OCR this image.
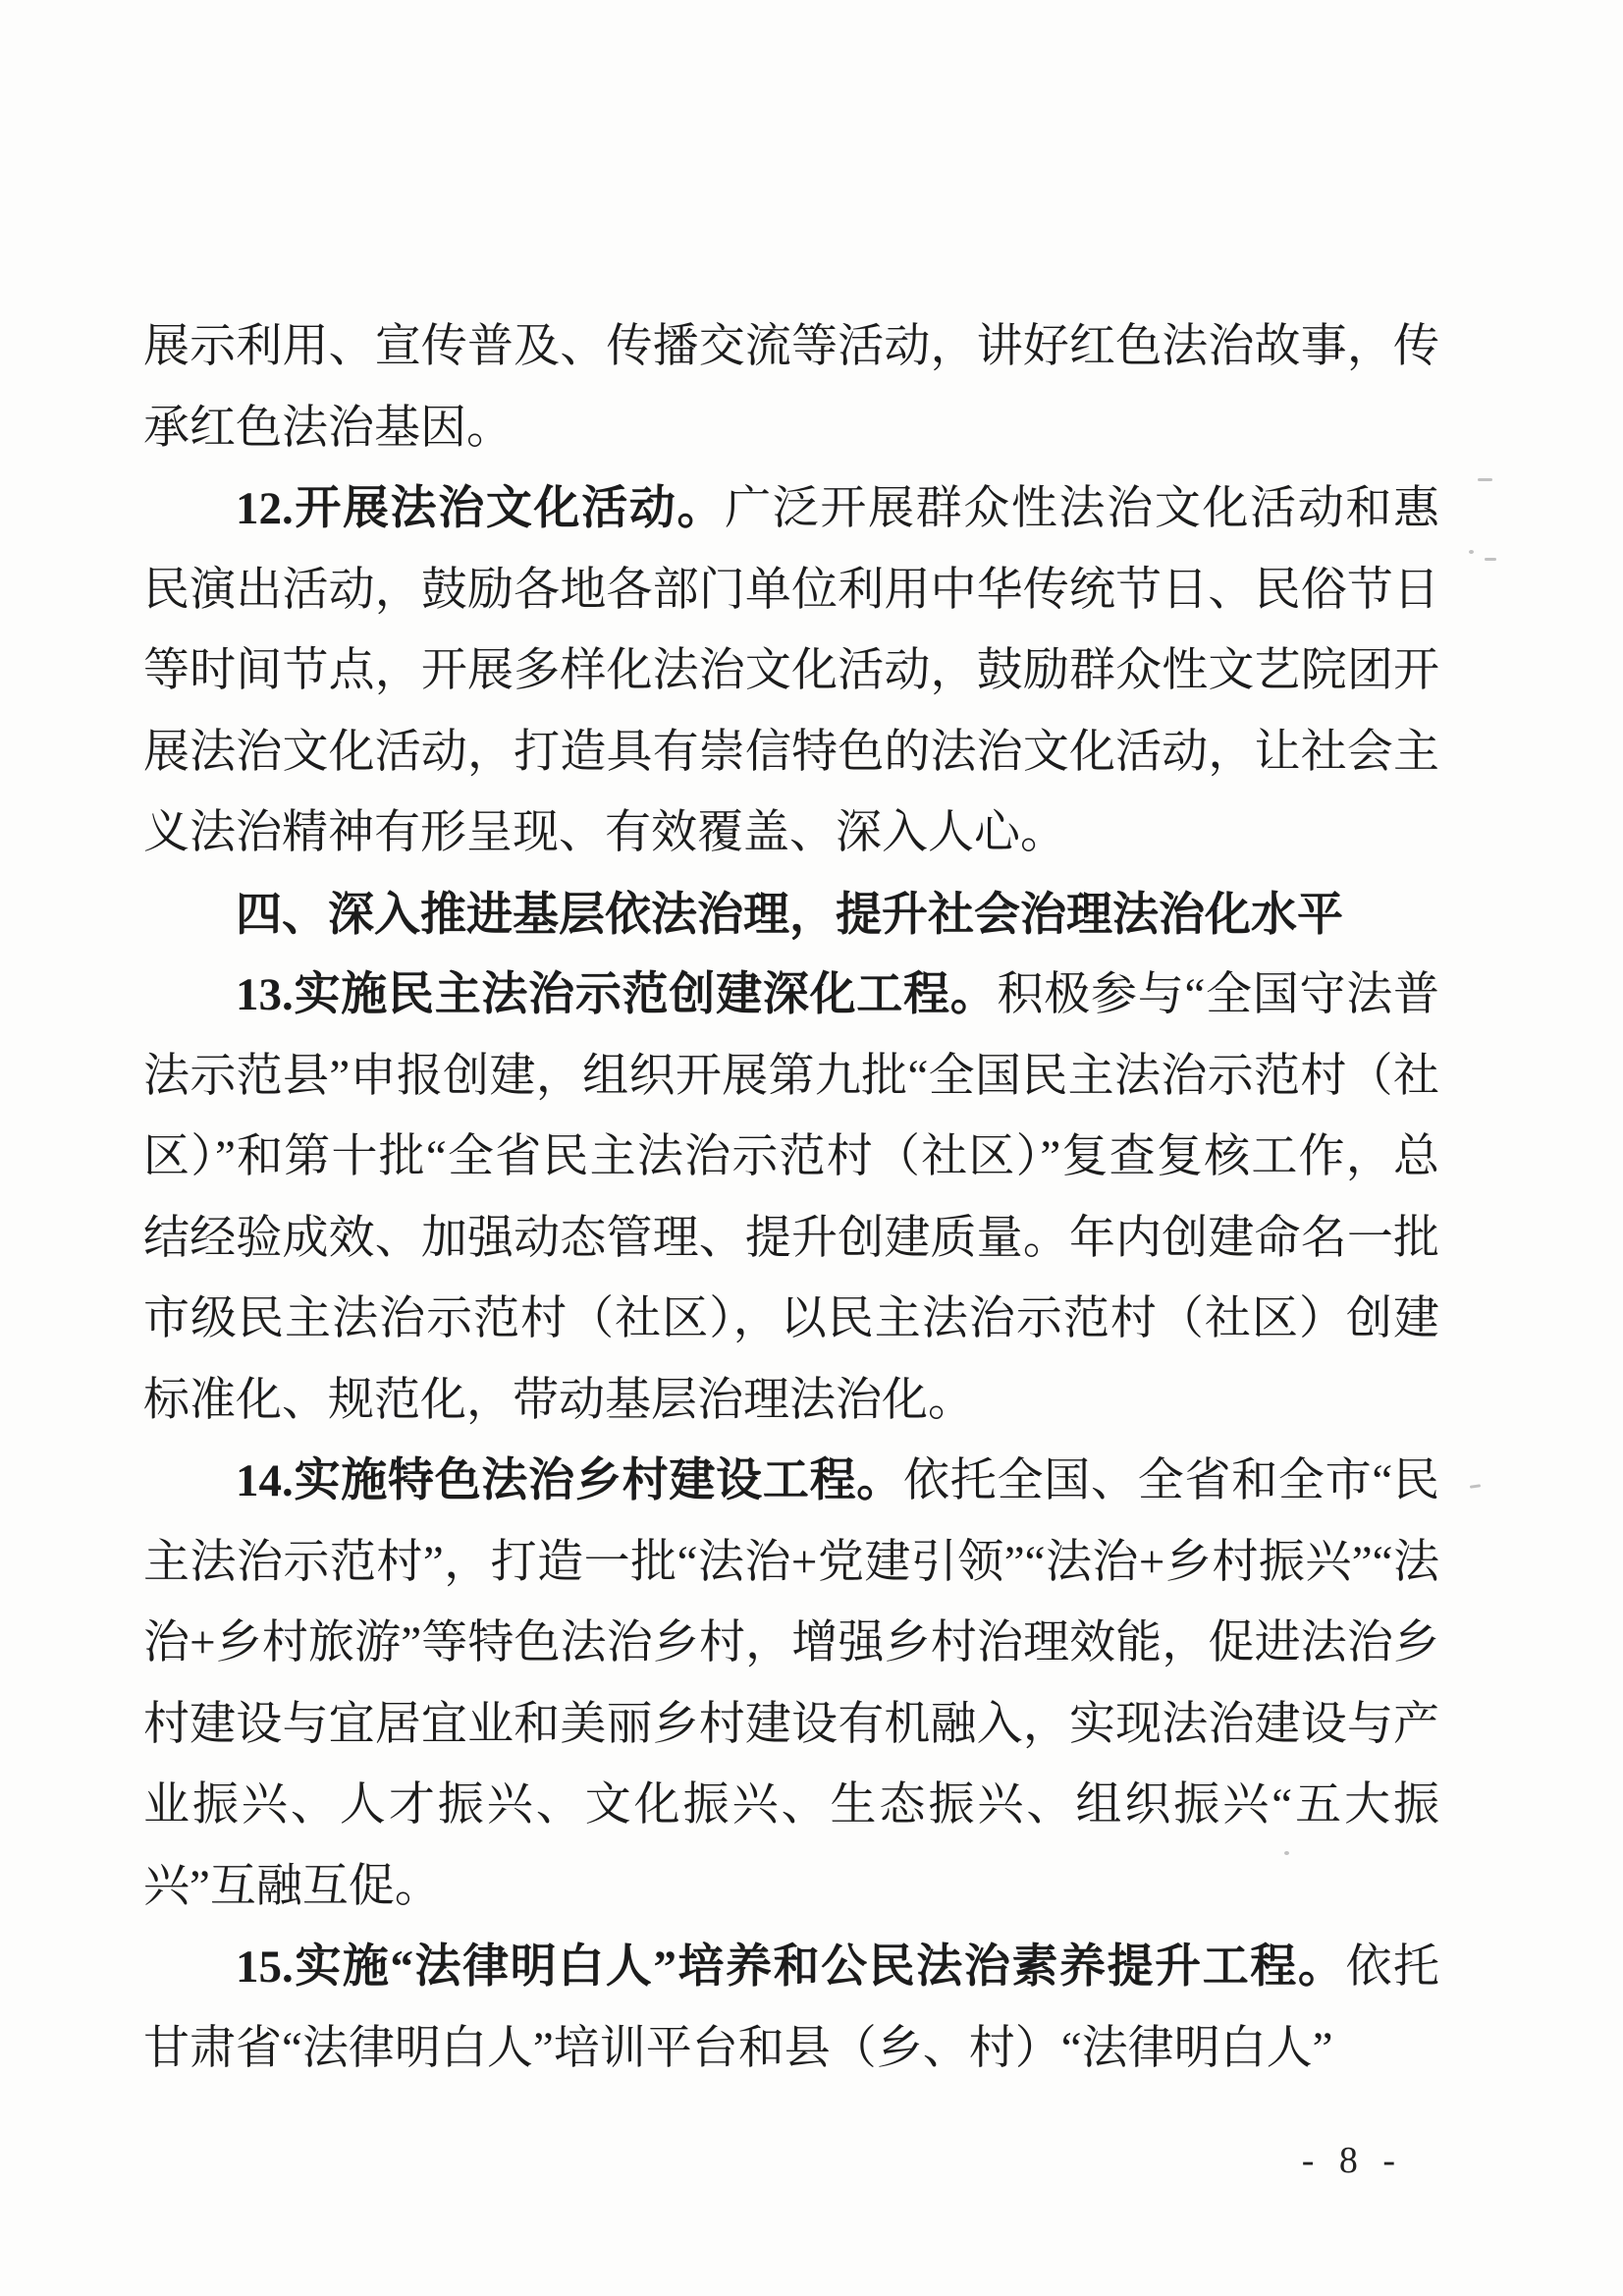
展示利用、宣传普及、传播交流等活动，讲好红色法治故事，传承红色法治基因。

12.开展法治文化活动。广泛开展群众性法治文化活动和惠民演出活动，鼓励各地各部门单位利用中华传统节日、民俗节日等时间节点，开展多样化法治文化活动，鼓励群众性文艺院团开展法治文化活动，打造具有崇信特色的法治文化活动，让社会主义法治精神有形呈现、有效覆盖、深入人心。

四、深入推进基层依法治理，提升社会治理法治化水平

13.实施民主法治示范创建深化工程。积极参与“全国守法普法示范县”申报创建，组织开展第九批“全国民主法治示范村（社区）”和第十批“全省民主法治示范村（社区）”复查复核工作，总结经验成效、加强动态管理、提升创建质量。年内创建命名一批市级民主法治示范村（社区），以民主法治示范村（社区）创建标准化、规范化，带动基层治理法治化。

14.实施特色法治乡村建设工程。依托全国、全省和全市“民主法治示范村”，打造一批“法治+党建引领”“法治+乡村振兴”“法治+乡村旅游”等特色法治乡村，增强乡村治理效能，促进法治乡村建设与宜居宜业和美丽乡村建设有机融入，实现法治建设与产业振兴、人才振兴、文化振兴、生态振兴、组织振兴“五大振兴”互融互促。

15.实施“法律明白人”培养和公民法治素养提升工程。依托甘肃省“法律明白人”培训平台和县（乡、村）“法律明白人”

- 8 -
